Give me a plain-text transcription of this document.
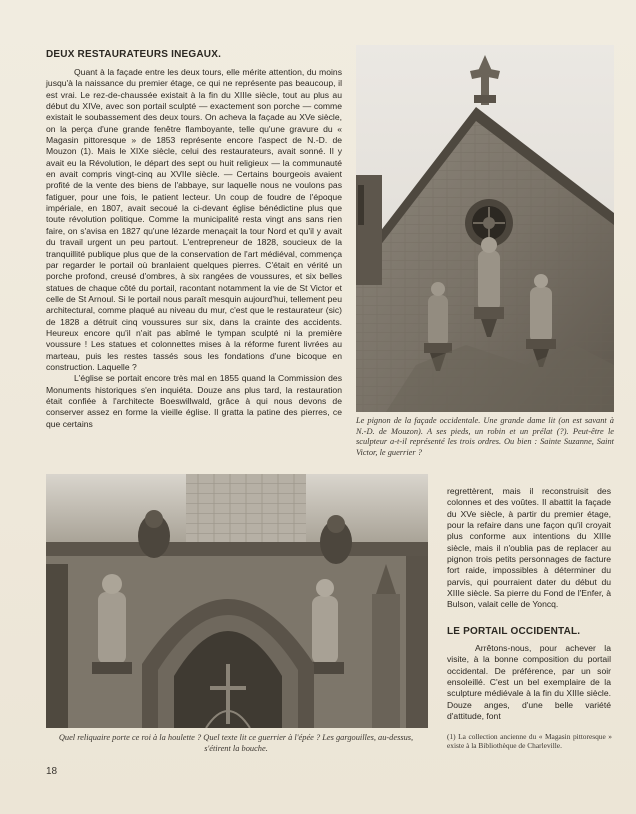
DEUX RESTAURATEURS INEGAUX.

Quant à la façade entre les deux tours, elle mérite attention, du moins jusqu'à la naissance du premier étage, ce qui ne représente pas beaucoup, il est vrai. Le rez-de-chaussée existait à la fin du XIIIe siècle, tout au plus au début du XIVe, avec son portail sculpté — exactement son porche — comme existait le soubassement des deux tours. On acheva la façade au XVe siècle, on la perça d'une grande fenêtre flamboyante, telle qu'une gravure du « Magasin pittoresque » de 1853 représente encore l'aspect de N.-D. de Mouzon (1). Mais le XIXe siècle, celui des restaurateurs, avait sonné. Il y avait eu la Révolution, le départ des sept ou huit religieux — la communauté en avait compris vingt-cinq au XVIIe siècle. — Certains bourgeois avaient profité de la vente des biens de l'abbaye, sur laquelle nous ne voulons pas fatiguer, pour une fois, le patient lecteur. Un coup de foudre de l'époque impériale, en 1807, avait secoué la ci-devant église bénédictine plus que toute révolution politique. Comme la municipalité resta vingt ans sans rien faire, on s'avisa en 1827 qu'une lézarde menaçait la tour Nord et qu'il y avait du travail urgent un peu partout. L'entrepreneur de 1828, soucieux de la tranquillité publique plus que de la conservation de l'art médiéval, commença par regarder le portail où branlaient quelques pierres. C'était en vérité un porche profond, creusé d'ombres, à six rangées de voussures, et six belles statues de chaque côté du portail, racontant notamment la vie de St Victor et celle de St Arnoul. Si le portail nous paraît mesquin aujourd'hui, tellement peu architectural, comme plaqué au niveau du mur, c'est que le restaurateur (sic) de 1828 a détruit cinq voussures sur six, dans la crainte des accidents. Heureux encore qu'il n'ait pas abîmé le tympan sculpté ni la première voussure ! Les statues et colonnettes mises à la réforme furent livrées au marteau, puis les restes tassés sous les fondations d'une bicoque en construction. Laquelle ?

L'église se portait encore très mal en 1855 quand la Commission des Monuments historiques s'en inquiéta. Douze ans plus tard, la restauration était confiée à l'architecte Boeswillwald, grâce à qui nous devons de conserver assez en forme la vieille église. Il gratta la patine des pierres, ce que certains	Le pignon de la façade occidentale. Une grande dame lit (on est savant à N.-D. de Mouzon). A ses pieds, un robin et un prélat (?). Peut-être le sculpteur a-t-il représenté les trois ordres. Ou bien : Sainte Suzanne, Saint Victor, le guerrier ?

Quel reliquaire porte ce roi à la houlette ? Quel texte lit ce guerrier à l'épée ? Les gargouilles, au-dessus, s'étirent la bouche.

regrettèrent, mais il reconstruisit des colonnes et des voûtes. Il abattit la façade du XVe siècle, à partir du premier étage, pour la refaire dans une façon qu'il croyait plus conforme aux intentions du XIIIe siècle, mais il n'oublia pas de replacer au pignon trois petits personnages de facture fort raide, impossibles à déterminer du parvis, qui pourraient dater du début du XIIIe siècle. Sa pierre du Fond de l'Enfer, à Bulson, valait celle de Yoncq.

LE PORTAIL OCCIDENTAL.

Arrêtons-nous, pour achever la visite, à la bonne composition du portail occidental. De préférence, par un soir ensoleillé. C'est un bel exemplaire de la sculpture médiévale à la fin du XIIIe siècle. Douze anges, d'une belle variété d'attitude, font

(1) La collection ancienne du « Magasin pittoresque » existe à la Bibliothèque de Charleville.

18
